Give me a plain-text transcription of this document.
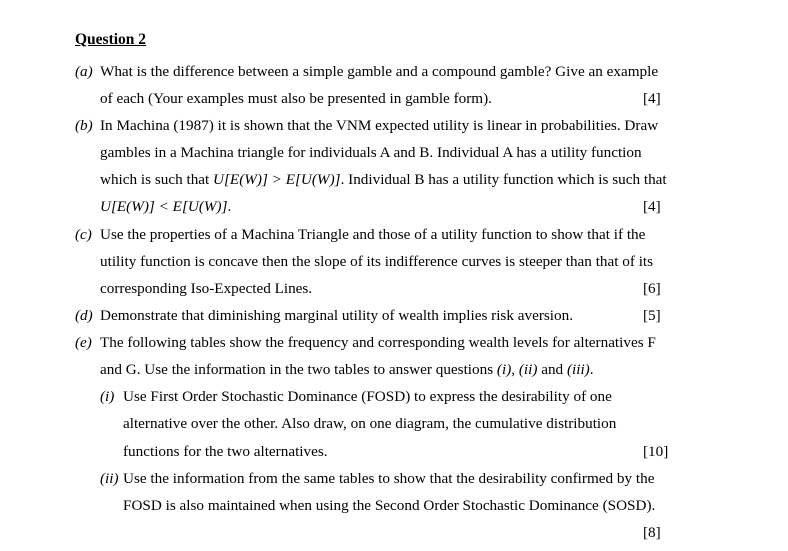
Question 2
(a) What is the difference between a simple gamble and a compound gamble? Give an example
of each (Your examples must also be presented in gamble form).	[4]
(b) In Machina (1987) it is shown that the VNM expected utility is linear in probabilities. Draw
gambles in a Machina triangle for individuals A and B. Individual A has a utility function
which is such that U[E(W)] > E[U(W)]. Individual B has a utility function which is such that
U[E(W)] < E[U(W)].	[4]
(c) Use the properties of a Machina Triangle and those of a utility function to show that if the
utility function is concave then the slope of its indifference curves is steeper than that of its
corresponding Iso-Expected Lines.	[6]
(d) Demonstrate that diminishing marginal utility of wealth implies risk aversion.	[5]
(e) The following tables show the frequency and corresponding wealth levels for alternatives F
and G. Use the information in the two tables to answer questions (i), (ii) and (iii).
(i) Use First Order Stochastic Dominance (FOSD) to express the desirability of one
alternative over the other. Also draw, on one diagram, the cumulative distribution
functions for the two alternatives.	[10]
(ii) Use the information from the same tables to show that the desirability confirmed by the
FOSD is also maintained when using the Second Order Stochastic Dominance (SOSD).
[8]
